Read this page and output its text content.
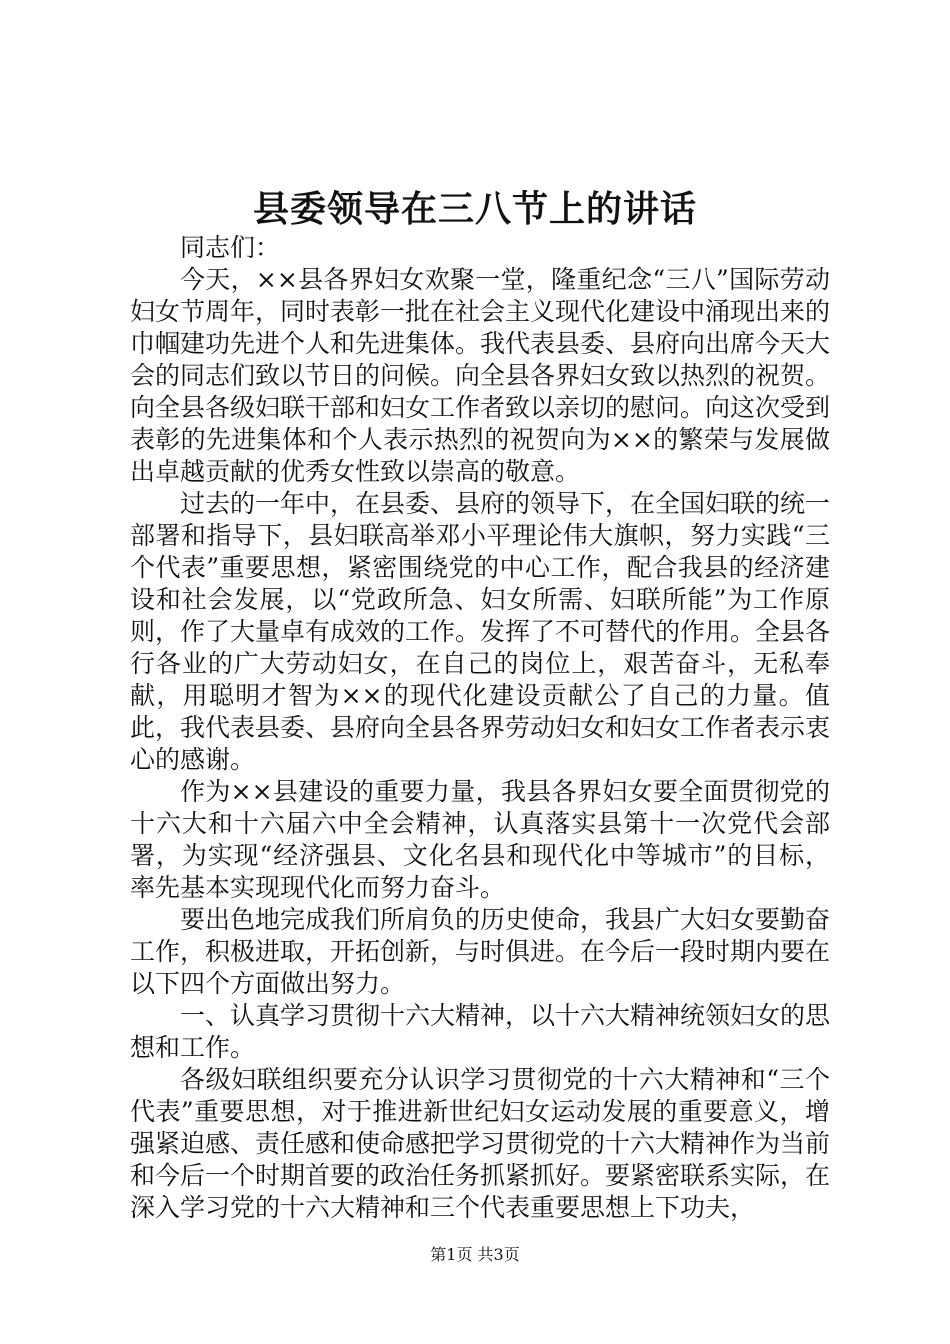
县委领导在三八节上的讲话

同志们：

今天，××县各界妇女欢聚一堂，隆重纪念“三八”国际劳动妇女节周年，同时表彰一批在社会主义现代化建设中涌现出来的巾帼建功先进个人和先进集体。我代表县委、县府向出席今天大会的同志们致以节日的问候。向全县各界妇女致以热烈的祝贺。向全县各级妇联干部和妇女工作者致以亲切的慰问。向这次受到表彰的先进集体和个人表示热烈的祝贺向为××的繁荣与发展做出卓越贡献的优秀女性致以崇高的敬意。

过去的一年中，在县委、县府的领导下，在全国妇联的统一部署和指导下，县妇联高举邓小平理论伟大旗帜，努力实践“三个代表”重要思想，紧密围绕党的中心工作，配合我县的经济建设和社会发展，以“党政所急、妇女所需、妇联所能”为工作原则，作了大量卓有成效的工作。发挥了不可替代的作用。全县各行各业的广大劳动妇女，在自己的岗位上，艰苦奋斗，无私奉献，用聪明才智为××的现代化建设贡献公了自己的力量。值此，我代表县委、县府向全县各界劳动妇女和妇女工作者表示衷心的感谢。

作为××县建设的重要力量，我县各界妇女要全面贯彻党的十六大和十六届六中全会精神，认真落实县第十一次党代会部署，为实现“经济强县、文化名县和现代化中等城市”的目标，率先基本实现现代化而努力奋斗。

要出色地完成我们所肩负的历史使命，我县广大妇女要勤奋工作，积极进取，开拓创新，与时俱进。在今后一段时期内要在以下四个方面做出努力。

一、认真学习贯彻十六大精神，以十六大精神统领妇女的思想和工作。

各级妇联组织要充分认识学习贯彻党的十六大精神和“三个代表”重要思想，对于推进新世纪妇女运动发展的重要意义，增强紧迫感、责任感和使命感把学习贯彻党的十六大精神作为当前和今后一个时期首要的政治任务抓紧抓好。要紧密联系实际，在深入学习党的十六大精神和三个代表重要思想上下功夫，

第1页 共3页
